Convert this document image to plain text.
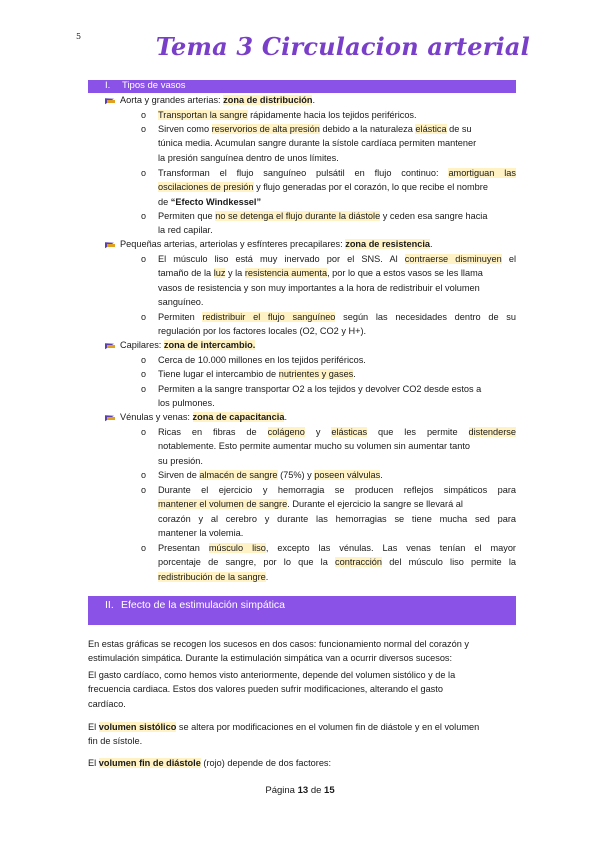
5	Tema 3 Circulacion arterial
I. Tipos de vasos
Aorta y grandes arterias: zona de distribución.
o Transportan la sangre rápidamente hacia los tejidos periféricos.
o Sirven como reservorios de alta presión debido a la naturaleza elástica de su
túnica media. Acumulan sangre durante la sístole cardíaca permiten mantener
la presión sanguínea dentro de unos límites.
o Transforman el flujo sanguíneo pulsátil en flujo continuo: amortiguan las
oscilaciones de presión y flujo generadas por el corazón, lo que recibe el nombre
de “Efecto Windkessel”
o Permiten que no se detenga el flujo durante la diástole y ceden esa sangre hacia
la red capilar.
Pequeñas arterias, arteriolas y esfínteres precapilares: zona de resistencia.
o El músculo liso está muy inervado por el SNS. Al contraerse disminuyen el
tamaño de la luz y la resistencia aumenta, por lo que a estos vasos se les llama
vasos de resistencia y son muy importantes a la hora de redistribuir el volumen
sanguíneo.
o Permiten redistribuir el flujo sanguíneo según las necesidades dentro de su
regulación por los factores locales (O2, CO2 y H+).
Capilares: zona de intercambio.
o Cerca de 10.000 millones en los tejidos periféricos.
o Tiene lugar el intercambio de nutrientes y gases.
o Permiten a la sangre transportar O2 a los tejidos y devolver CO2 desde estos a
los pulmones.
Vénulas y venas: zona de capacitancia.
o Ricas en fibras de colágeno y elásticas que les permite distenderse
notablemente. Esto permite aumentar mucho su volumen sin aumentar tanto
su presión.
o Sirven de almacén de sangre (75%) y poseen válvulas.
o Durante el ejercicio y hemorragia se producen reflejos simpáticos para
mantener el volumen de sangre. Durante el ejercicio la sangre se llevará al
corazón y al cerebro y durante las hemorragias se tiene mucha sed para
mantener la volemia.
o Presentan músculo liso, excepto las vénulas. Las venas tenían el mayor
porcentaje de sangre, por lo que la contracción del músculo liso permite la
redistribución de la sangre.
II. Efecto de la estimulación simpática
En estas gráficas se recogen los sucesos en dos casos: funcionamiento normal del corazón y
estimulación simpática. Durante la estimulación simpática van a ocurrir diversos sucesos:
El gasto cardíaco, como hemos visto anteriormente, depende del volumen sistólico y de la
frecuencia cardiaca. Estos dos valores pueden sufrir modificaciones, alterando el gasto
cardíaco.
El volumen sistólico se altera por modificaciones en el volumen fin de diástole y en el volumen
fin de sístole.
El volumen fin de diástole (rojo) depende de dos factores:
Página 13 de 15
